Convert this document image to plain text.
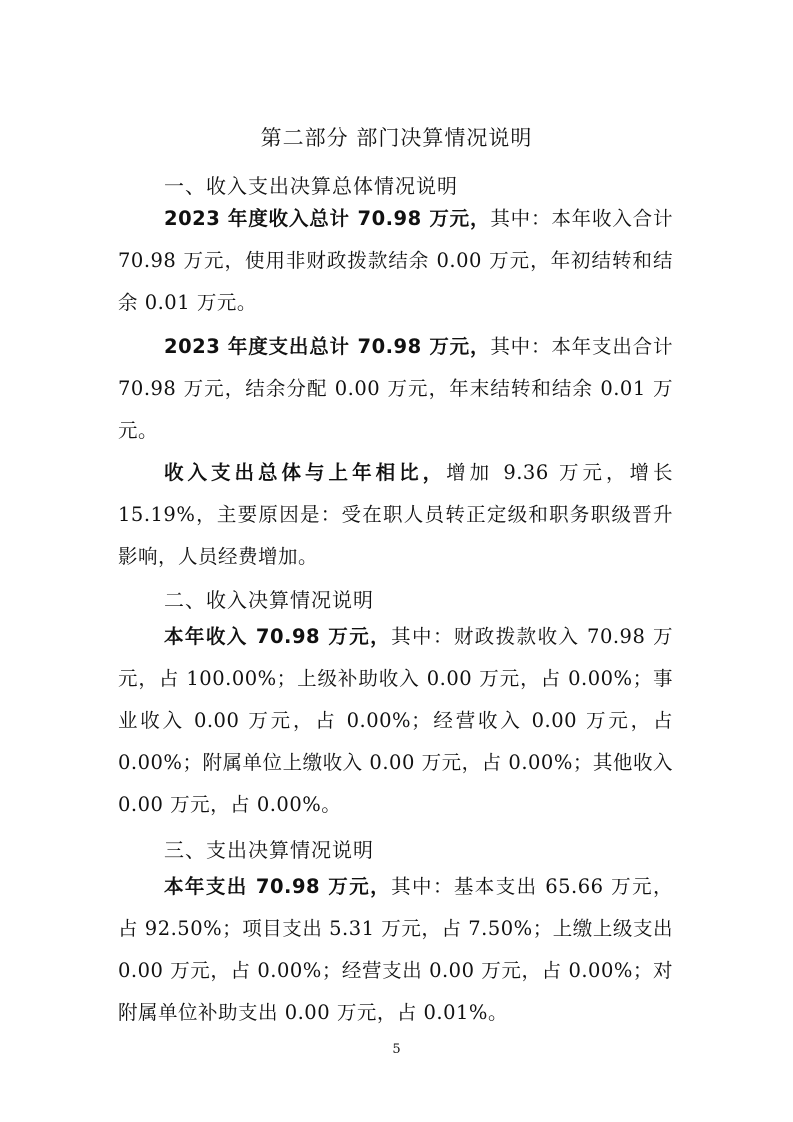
第二部分 部门决算情况说明
一、收入支出决算总体情况说明
2023 年度收入总计 70.98 万元，其中：本年收入合计 70.98 万元，使用非财政拨款结余 0.00 万元，年初结转和结余 0.01 万元。
2023 年度支出总计 70.98 万元，其中：本年支出合计 70.98 万元，结余分配 0.00 万元，年末结转和结余 0.01 万元。
收入支出总体与上年相比，增加 9.36 万元，增长 15.19%，主要原因是：受在职人员转正定级和职务职级晋升影响，人员经费增加。
二、收入决算情况说明
本年收入 70.98 万元，其中：财政拨款收入 70.98 万元，占 100.00%；上级补助收入 0.00 万元，占 0.00%；事业收入 0.00 万元，占 0.00%；经营收入 0.00 万元，占 0.00%；附属单位上缴收入 0.00 万元，占 0.00%；其他收入 0.00 万元，占 0.00%。
三、支出决算情况说明
本年支出 70.98 万元，其中：基本支出 65.66 万元，占 92.50%；项目支出 5.31 万元，占 7.50%；上缴上级支出 0.00 万元，占 0.00%；经营支出 0.00 万元，占 0.00%；对附属单位补助支出 0.00 万元，占 0.01%。
5
